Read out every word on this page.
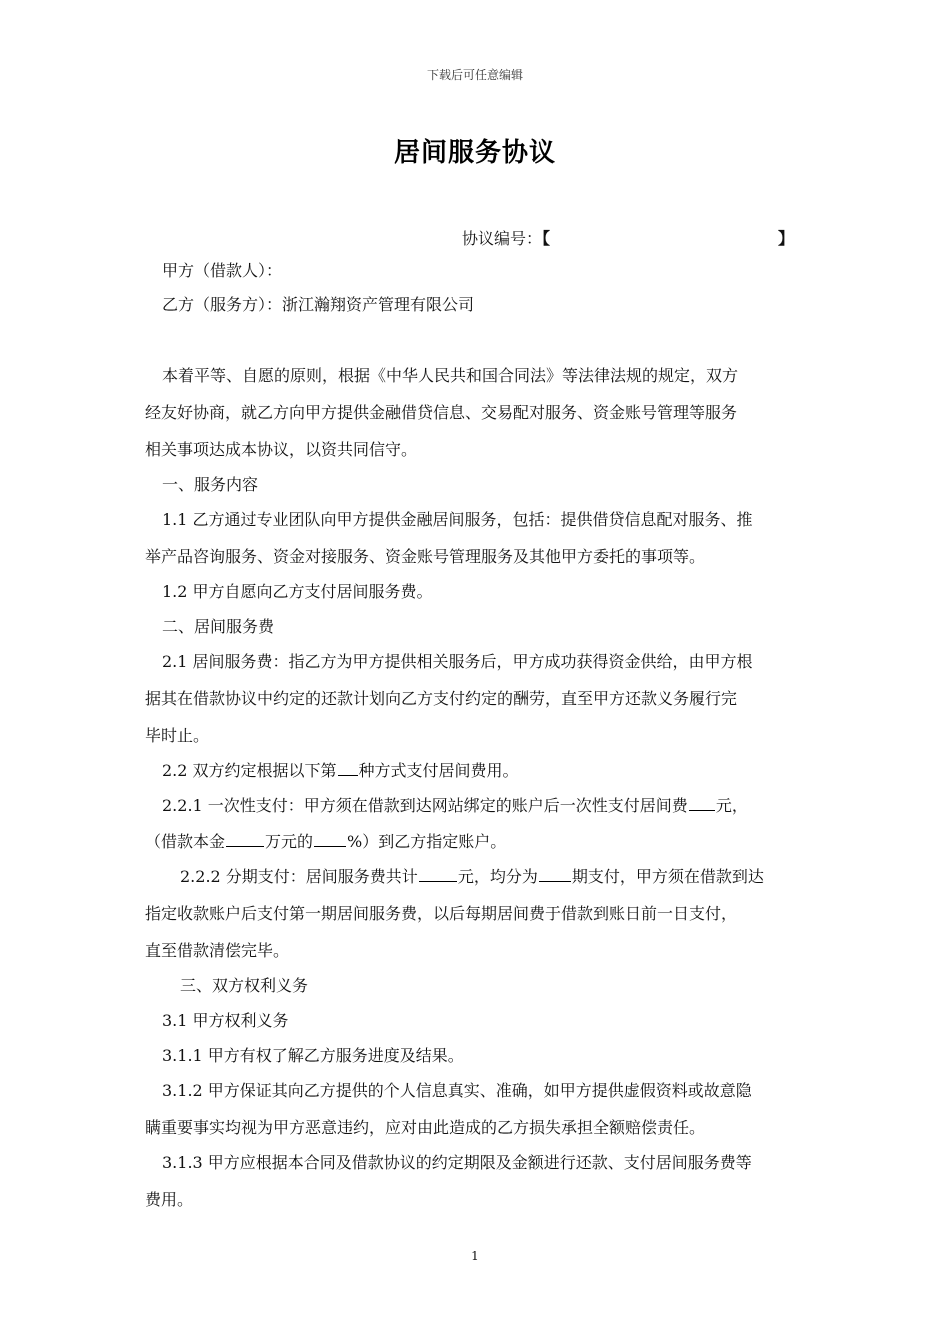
下载后可任意编辑
居间服务协议
协议编号：【	】
甲方（借款人）：
乙方（服务方）：浙江瀚翔资产管理有限公司
本着平等、自愿的原则，根据《中华人民共和国合同法》等法律法规的规定，双方
经友好协商，就乙方向甲方提供金融借贷信息、交易配对服务、资金账号管理等服务
相关事项达成本协议，以资共同信守。
一、服务内容
1.1 乙方通过专业团队向甲方提供金融居间服务，包括：提供借贷信息配对服务、推
举产品咨询服务、资金对接服务、资金账号管理服务及其他甲方委托的事项等。
1.2 甲方自愿向乙方支付居间服务费。
二、居间服务费
2.1 居间服务费：指乙方为甲方提供相关服务后，甲方成功获得资金供给，由甲方根
据其在借款协议中约定的还款计划向乙方支付约定的酬劳，直至甲方还款义务履行完
毕时止。
2.2 双方约定根据以下第 种方式支付居间费用。
2.2.1 一次性支付：甲方须在借款到达网站绑定的账户后一次性支付居间费 元，
（借款本金	万元的 %）到乙方指定账户。
2.2.2 分期支付：居间服务费共计	元，均分为 期支付，甲方须在借款到达
指定收款账户后支付第一期居间服务费，以后每期居间费于借款到账日前一日支付，
直至借款清偿完毕。
三、双方权利义务
3.1 甲方权利义务
3.1.1 甲方有权了解乙方服务进度及结果。
3.1.2 甲方保证其向乙方提供的个人信息真实、准确，如甲方提供虚假资料或故意隐
瞒重要事实均视为甲方恶意违约，应对由此造成的乙方损失承担全额赔偿责任。
3.1.3 甲方应根据本合同及借款协议的约定期限及金额进行还款、支付居间服务费等
费用。
1
